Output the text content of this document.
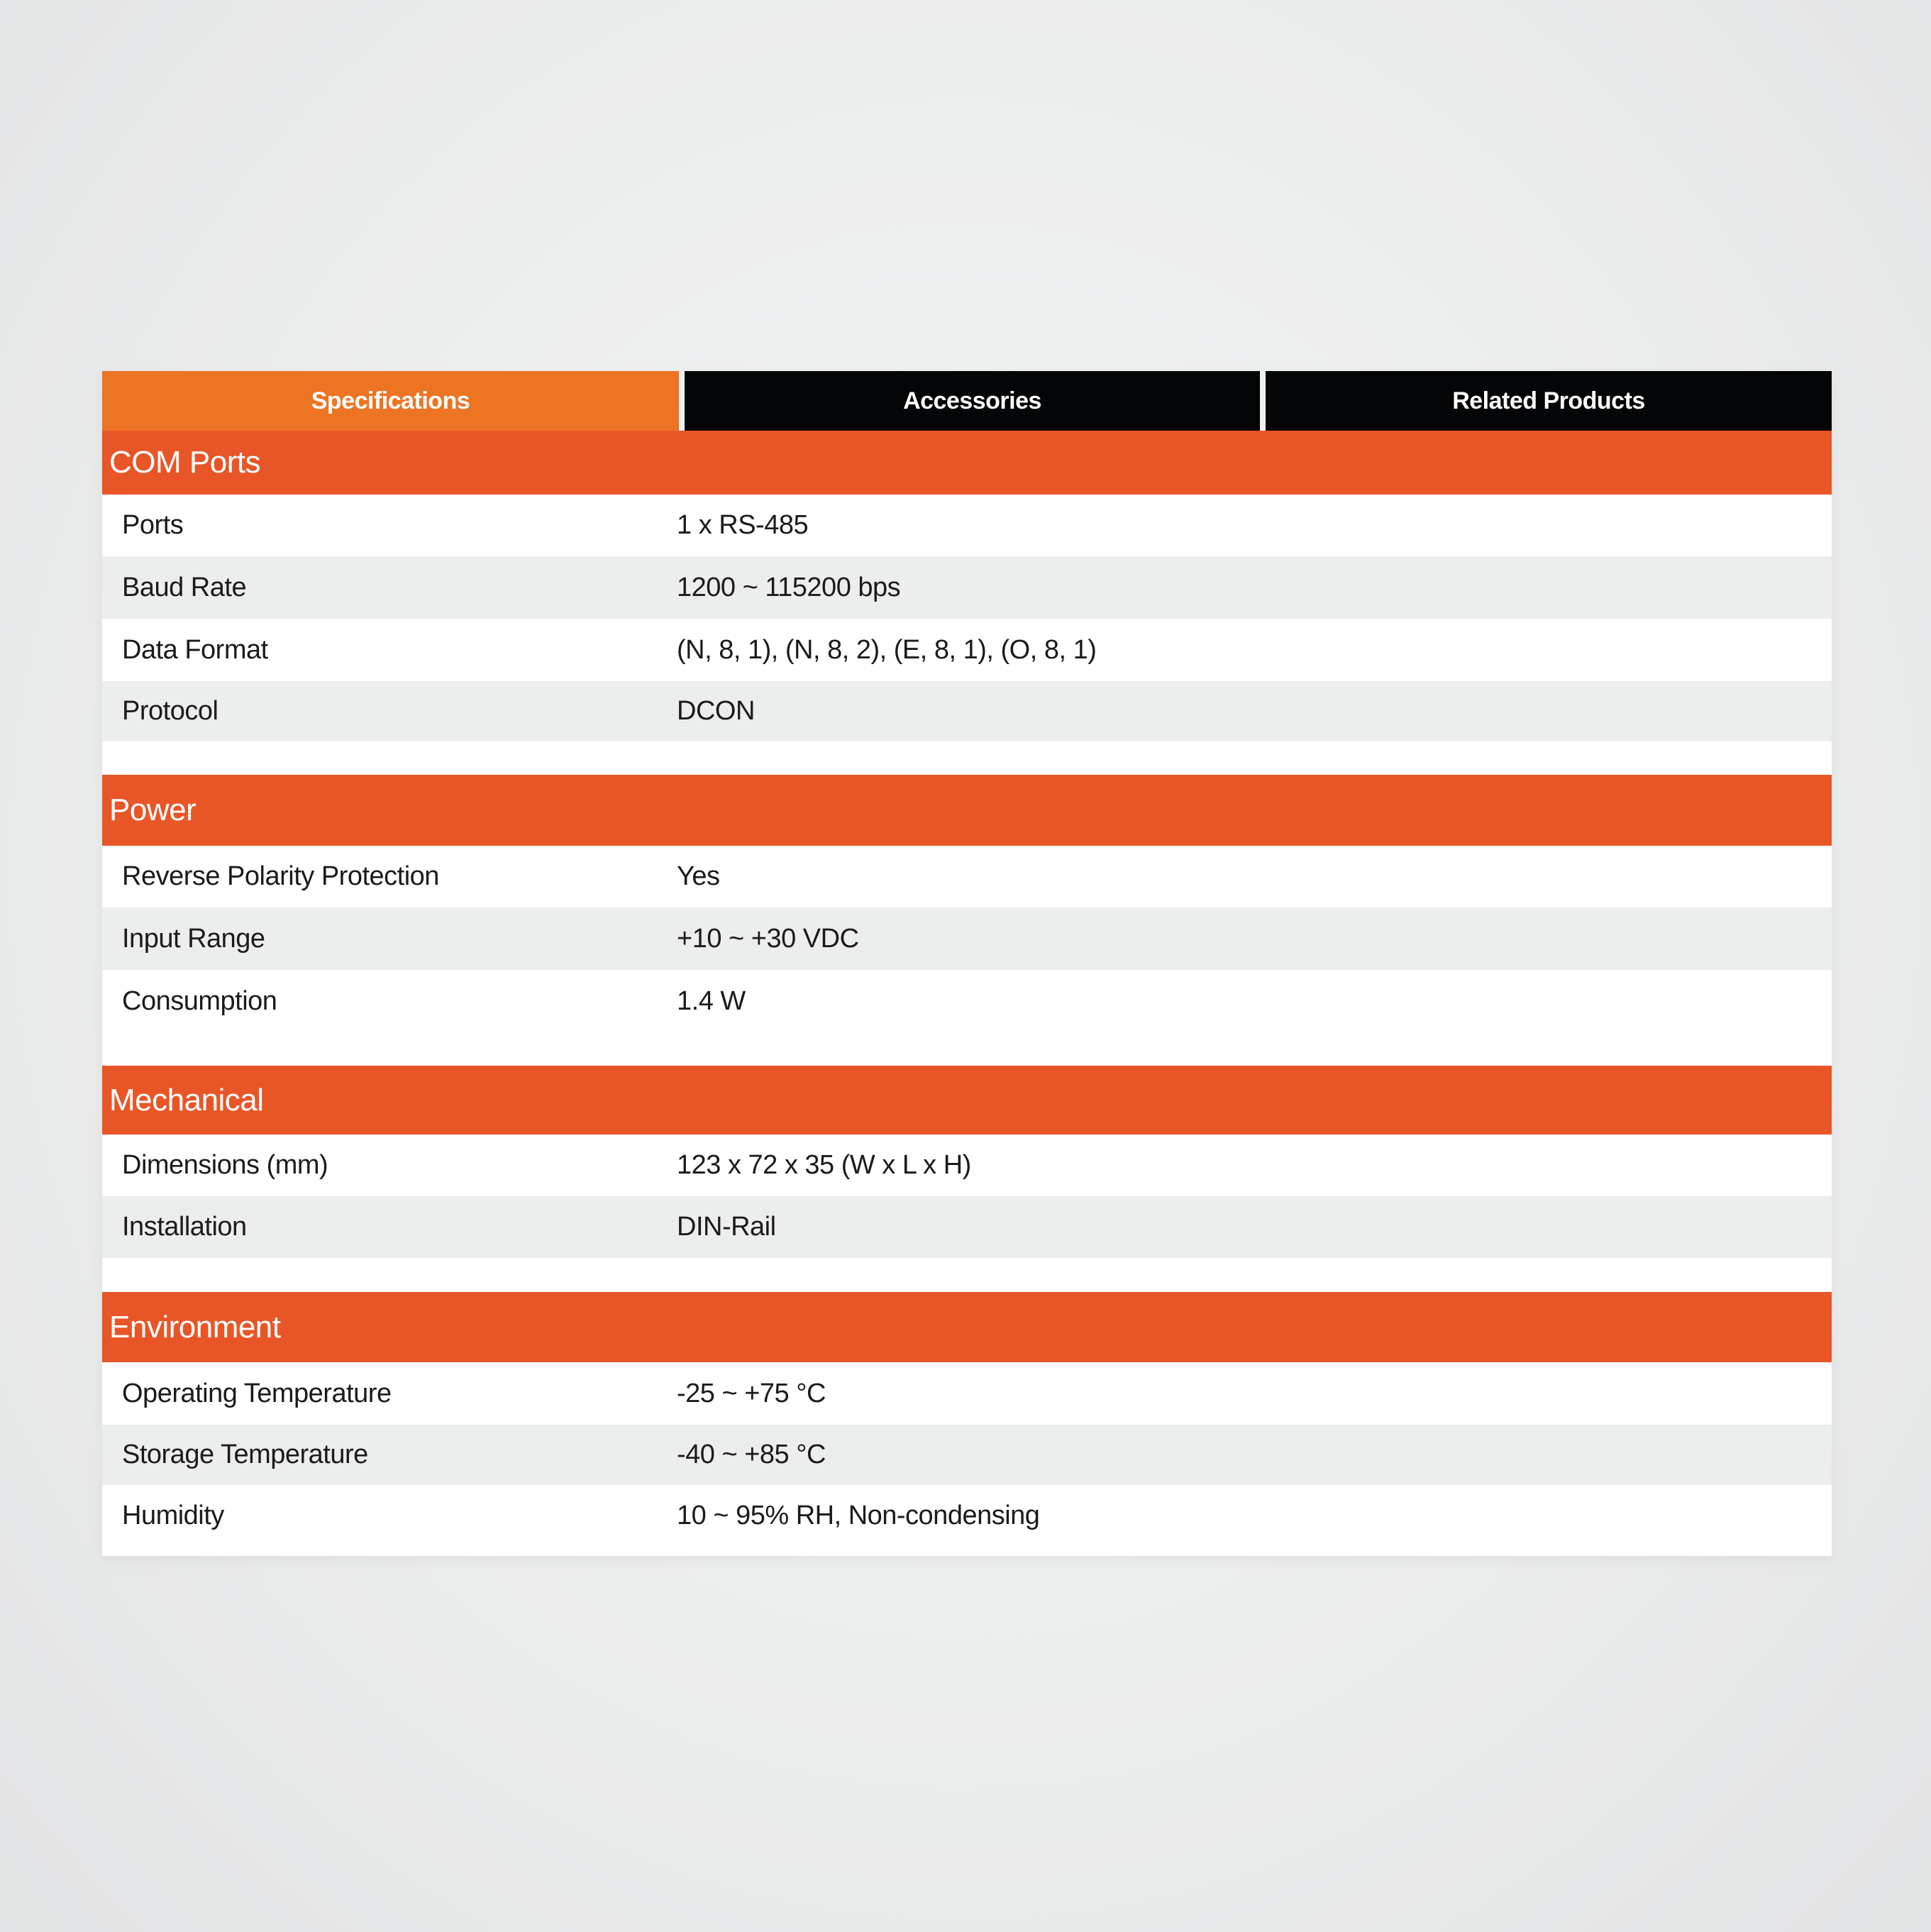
Specifications	Accessories	Related Products
COM Ports
Ports	1 x RS-485
Baud Rate	1200 ~ 115200 bps
Data Format	(N, 8, 1), (N, 8, 2), (E, 8, 1), (O, 8, 1)
Protocol	DCON
Power
Reverse Polarity Protection	Yes
Input Range	+10 ~ +30 VDC
Consumption	1.4 W
Mechanical
Dimensions (mm)	123 x 72 x 35 (W x L x H)
Installation	DIN-Rail
Environment
Operating Temperature	-25 ~ +75 °C
Storage Temperature	-40 ~ +85 °C
Humidity	10 ~ 95% RH, Non-condensing
